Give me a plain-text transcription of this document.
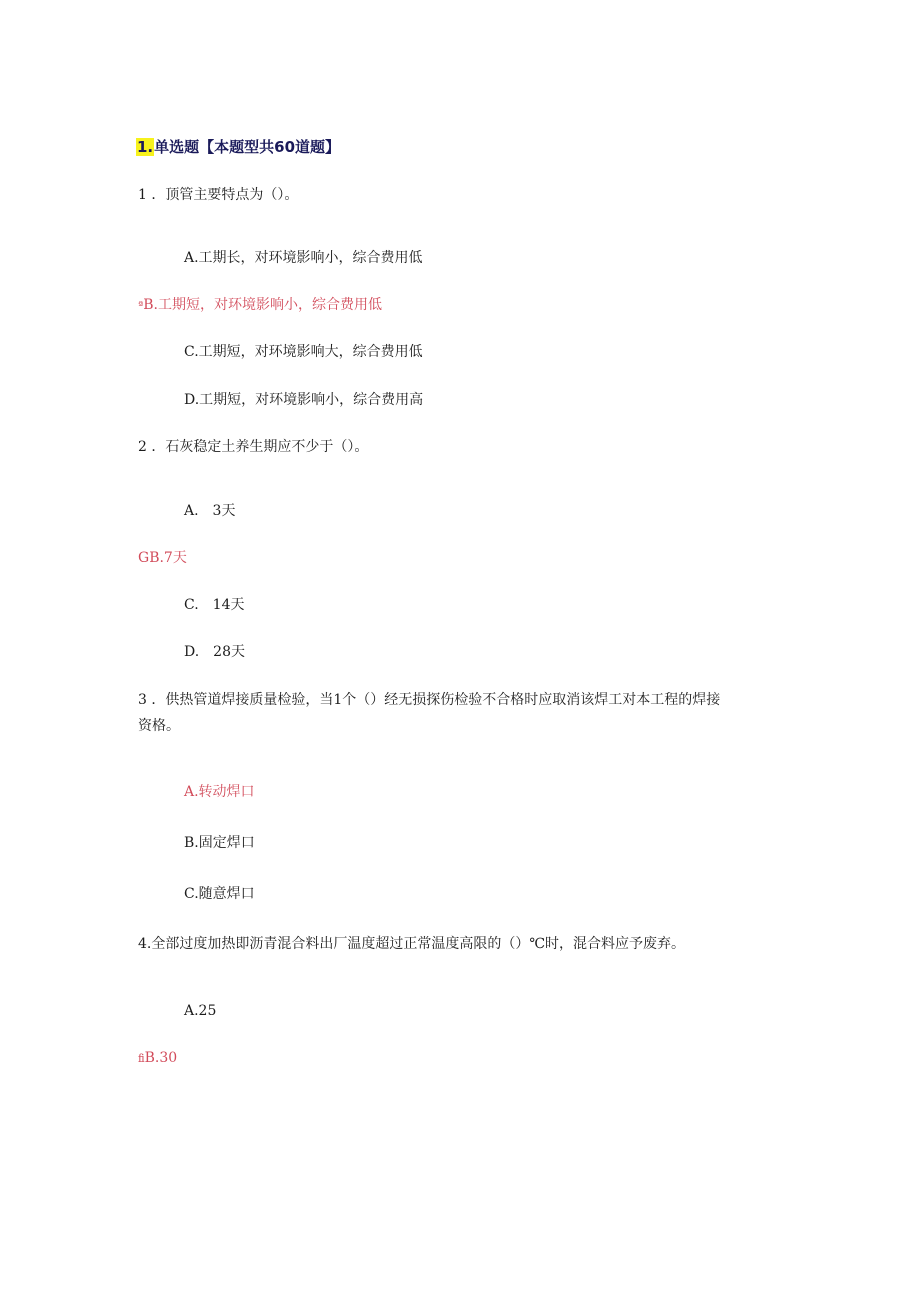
1.单选题【本题型共60道题】
1 ．顶管主要特点为（）。
A.工期长，对环境影响小，综合费用低
ªB.工期短，对环境影响小，综合费用低
C.工期短，对环境影响大，综合费用低
D.工期短，对环境影响小，综合费用高
2 ．石灰稳定土养生期应不少于（）。
A.　3天
GB.7天
C.　14天
D.　28天
3 ．供热管道焊接质量检验，当1个（）经无损探伤检验不合格时应取消该焊工对本工程的焊接
资格。
A.转动焊口
B.固定焊口
C.随意焊口
4.全部过度加热即沥青混合料出厂温度超过正常温度高限的（）℃时，混合料应予废弃。
A.25
fiB.30
